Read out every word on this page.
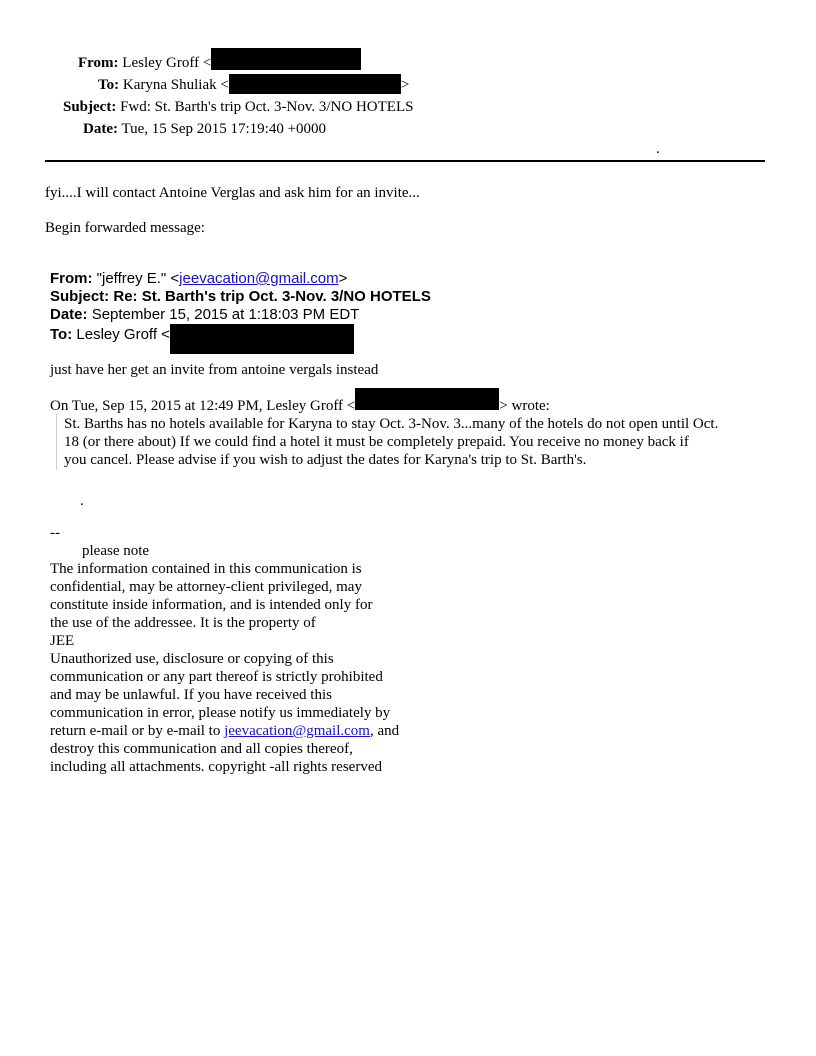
From: Lesley Groff <
To: Karyna Shuliak <	>
Subject: Fwd: St. Barth's trip Oct. 3-Nov. 3/NO HOTELS
Date: Tue, 15 Sep 2015 17:19:40 +0000
.
fyi....I will contact Antoine Verglas and ask him for an invite...
Begin forwarded message:
From: "jeffrey E." <jeevacation@gmail.com>
Subject: Re: St. Barth's trip Oct. 3-Nov. 3/NO HOTELS
Date: September 15, 2015 at 1:18:03 PM EDT
To: Lesley Groff <
just have her get an invite from antoine vergals instead
On Tue, Sep 15, 2015 at 12:49 PM, Lesley Groff <	> wrote:
St. Barths has no hotels available for Karyna to stay Oct. 3-Nov. 3...many of the hotels do not open until Oct.
18 (or there about) If we could find a hotel it must be completely prepaid. You receive no money back if
you cancel. Please advise if you wish to adjust the dates for Karyna's trip to St. Barth's.
.
--
please note
The information contained in this communication is
confidential, may be attorney-client privileged, may
constitute inside information, and is intended only for
the use of the addressee. It is the property of
JEE
Unauthorized use, disclosure or copying of this
communication or any part thereof is strictly prohibited
and may be unlawful. If you have received this
communication in error, please notify us immediately by
return e-mail or by e-mail to jeevacation@gmail.com, and
destroy this communication and all copies thereof,
including all attachments. copyright -all rights reserved
